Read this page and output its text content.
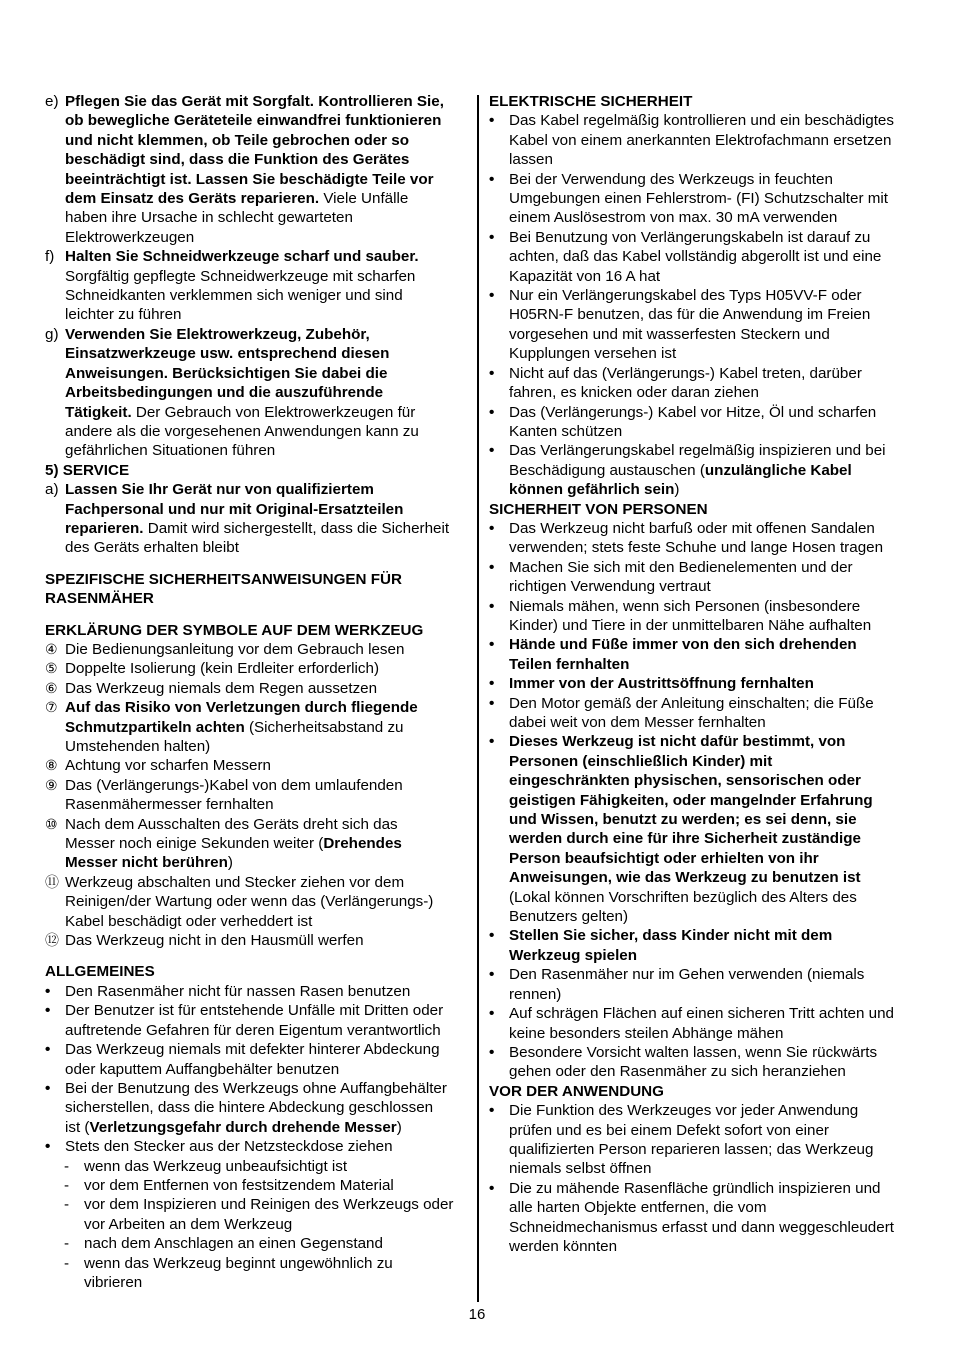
e) Pflegen Sie das Gerät mit Sorgfalt. Kontrollieren Sie,
ob bewegliche Geräteteile einwandfrei funktionieren
und nicht klemmen, ob Teile gebrochen oder so
beschädigt sind, dass die Funktion des Gerätes
beeinträchtigt ist. Lassen Sie beschädigte Teile vor
dem Einsatz des Geräts reparieren. Viele Unfälle
haben ihre Ursache in schlecht gewarteten
Elektrowerkzeugen
f) Halten Sie Schneidwerkzeuge scharf und sauber.
Sorgfältig gepflegte Schneidwerkzeuge mit scharfen
Schneidkanten verklemmen sich weniger und sind
leichter zu führen
g) Verwenden Sie Elektrowerkzeug, Zubehör,
Einsatzwerkzeuge usw. entsprechend diesen
Anweisungen. Berücksichtigen Sie dabei die
Arbeitsbedingungen und die auszuführende
Tätigkeit. Der Gebrauch von Elektrowerkzeugen für
andere als die vorgesehenen Anwendungen kann zu
gefährlichen Situationen führen
5) SERVICE
a) Lassen Sie Ihr Gerät nur von qualifiziertem
Fachpersonal und nur mit Original-Ersatzteilen
reparieren. Damit wird sichergestellt, dass die Sicherheit
des Geräts erhalten bleibt
SPEZIFISCHE SICHERHEITSANWEISUNGEN FÜR
RASENMÄHER
ERKLÄRUNG DER SYMBOLE AUF DEM WERKZEUG
④ Die Bedienungsanleitung vor dem Gebrauch lesen
⑤ Doppelte Isolierung (kein Erdleiter erforderlich)
⑥ Das Werkzeug niemals dem Regen aussetzen
⑦ Auf das Risiko von Verletzungen durch fliegende
Schmutzpartikeln achten (Sicherheitsabstand zu
Umstehenden halten)
⑧ Achtung vor scharfen Messern
⑨ Das (Verlängerungs-)Kabel von dem umlaufenden
Rasenmähermesser fernhalten
⑩ Nach dem Ausschalten des Geräts dreht sich das
Messer noch einige Sekunden weiter (Drehendes
Messer nicht berühren)
⑪ Werkzeug abschalten und Stecker ziehen vor dem
Reinigen/der Wartung oder wenn das (Verlängerungs-)
Kabel beschädigt oder verheddert ist
⑫ Das Werkzeug nicht in den Hausmüll werfen
ALLGEMEINES
• Den Rasenmäher nicht für nassen Rasen benutzen
• Der Benutzer ist für entstehende Unfälle mit Dritten oder
auftretende Gefahren für deren Eigentum verantwortlich
• Das Werkzeug niemals mit defekter hinterer Abdeckung
oder kaputtem Auffangbehälter benutzen
• Bei der Benutzung des Werkzeugs ohne Auffangbehälter
sicherstellen, dass die hintere Abdeckung geschlossen
ist (Verletzungsgefahr durch drehende Messer)
• Stets den Stecker aus der Netzsteckdose ziehen
- wenn das Werkzeug unbeaufsichtigt ist
- vor dem Entfernen von festsitzendem Material
- vor dem Inspizieren und Reinigen des Werkzeugs oder
vor Arbeiten an dem Werkzeug
- nach dem Anschlagen an einen Gegenstand
- wenn das Werkzeug beginnt ungewöhnlich zu
vibrieren
ELEKTRISCHE SICHERHEIT
• Das Kabel regelmäßig kontrollieren und ein beschädigtes
Kabel von einem anerkannten Elektrofachmann ersetzen
lassen
• Bei der Verwendung des Werkzeugs in feuchten
Umgebungen einen Fehlerstrom- (FI) Schutzschalter mit
einem Auslösestrom von max. 30 mA verwenden
• Bei Benutzung von Verlängerungskabeln ist darauf zu
achten, daß das Kabel vollständig abgerollt ist und eine
Kapazität von 16 A hat
• Nur ein Verlängerungskabel des Typs H05VV-F oder
H05RN-F benutzen, das für die Anwendung im Freien
vorgesehen und mit wasserfesten Steckern und
Kupplungen versehen ist
• Nicht auf das (Verlängerungs-) Kabel treten, darüber
fahren, es knicken oder daran ziehen
• Das (Verlängerungs-) Kabel vor Hitze, Öl und scharfen
Kanten schützen
• Das Verlängerungskabel regelmäßig inspizieren und bei
Beschädigung austauschen (unzulängliche Kabel
können gefährlich sein)
SICHERHEIT VON PERSONEN
• Das Werkzeug nicht barfuß oder mit offenen Sandalen
verwenden; stets feste Schuhe und lange Hosen tragen
• Machen Sie sich mit den Bedienelementen und der
richtigen Verwendung vertraut
• Niemals mähen, wenn sich Personen (insbesondere
Kinder) und Tiere in der unmittelbaren Nähe aufhalten
• Hände und Füße immer von den sich drehenden
Teilen fernhalten
• Immer von der Austrittsöffnung fernhalten
• Den Motor gemäß der Anleitung einschalten; die Füße
dabei weit von dem Messer fernhalten
• Dieses Werkzeug ist nicht dafür bestimmt, von
Personen (einschließlich Kinder) mit
eingeschränkten physischen, sensorischen oder
geistigen Fähigkeiten, oder mangelnder Erfahrung
und Wissen, benutzt zu werden; es sei denn, sie
werden durch eine für ihre Sicherheit zuständige
Person beaufsichtigt oder erhielten von ihr
Anweisungen, wie das Werkzeug zu benutzen ist
(Lokal können Vorschriften bezüglich des Alters des
Benutzers gelten)
• Stellen Sie sicher, dass Kinder nicht mit dem
Werkzeug spielen
• Den Rasenmäher nur im Gehen verwenden (niemals
rennen)
• Auf schrägen Flächen auf einen sicheren Tritt achten und
keine besonders steilen Abhänge mähen
• Besondere Vorsicht walten lassen, wenn Sie rückwärts
gehen oder den Rasenmäher zu sich heranziehen
VOR DER ANWENDUNG
• Die Funktion des Werkzeuges vor jeder Anwendung
prüfen und es bei einem Defekt sofort von einer
qualifizierten Person reparieren lassen; das Werkzeug
niemals selbst öffnen
• Die zu mähende Rasenfläche gründlich inspizieren und
alle harten Objekte entfernen, die vom
Schneidmechanismus erfasst und dann weggeschleudert
werden könnten
16
